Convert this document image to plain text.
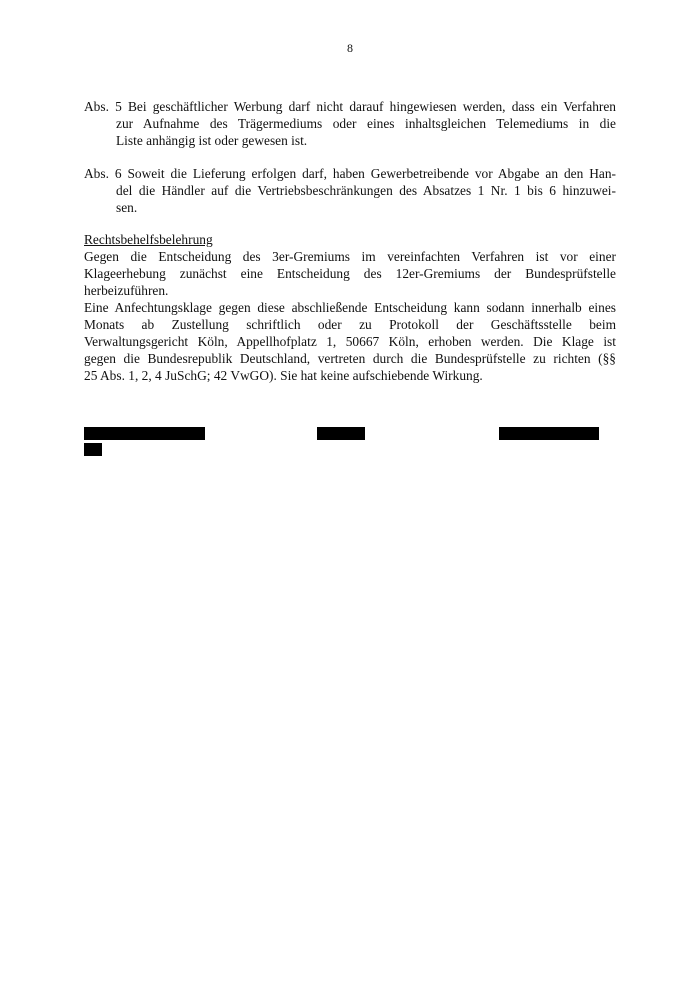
8
Abs. 5 Bei geschäftlicher Werbung darf nicht darauf hingewiesen werden, dass ein Verfahren
zur Aufnahme des Trägermediums oder eines inhaltsgleichen Telemediums in die
Liste anhängig ist oder gewesen ist.
Abs. 6 Soweit die Lieferung erfolgen darf, haben Gewerbetreibende vor Abgabe an den Han-
del die Händler auf die Vertriebsbeschränkungen des Absatzes 1 Nr. 1 bis 6 hinzuwei-
sen.
Rechtsbehelfsbelehrung
Gegen die Entscheidung des 3er-Gremiums im vereinfachten Verfahren ist vor einer
Klageerhebung zunächst eine Entscheidung des 12er-Gremiums der Bundesprüfstelle
herbeizuführen.
Eine Anfechtungsklage gegen diese abschließende Entscheidung kann sodann innerhalb eines
Monats ab Zustellung schriftlich oder zu Protokoll der Geschäftsstelle beim
Verwaltungsgericht Köln, Appellhofplatz 1, 50667 Köln, erhoben werden. Die Klage ist
gegen die Bundesrepublik Deutschland, vertreten durch die Bundesprüfstelle zu richten (§§
25 Abs. 1, 2, 4 JuSchG; 42 VwGO). Sie hat keine aufschiebende Wirkung.
